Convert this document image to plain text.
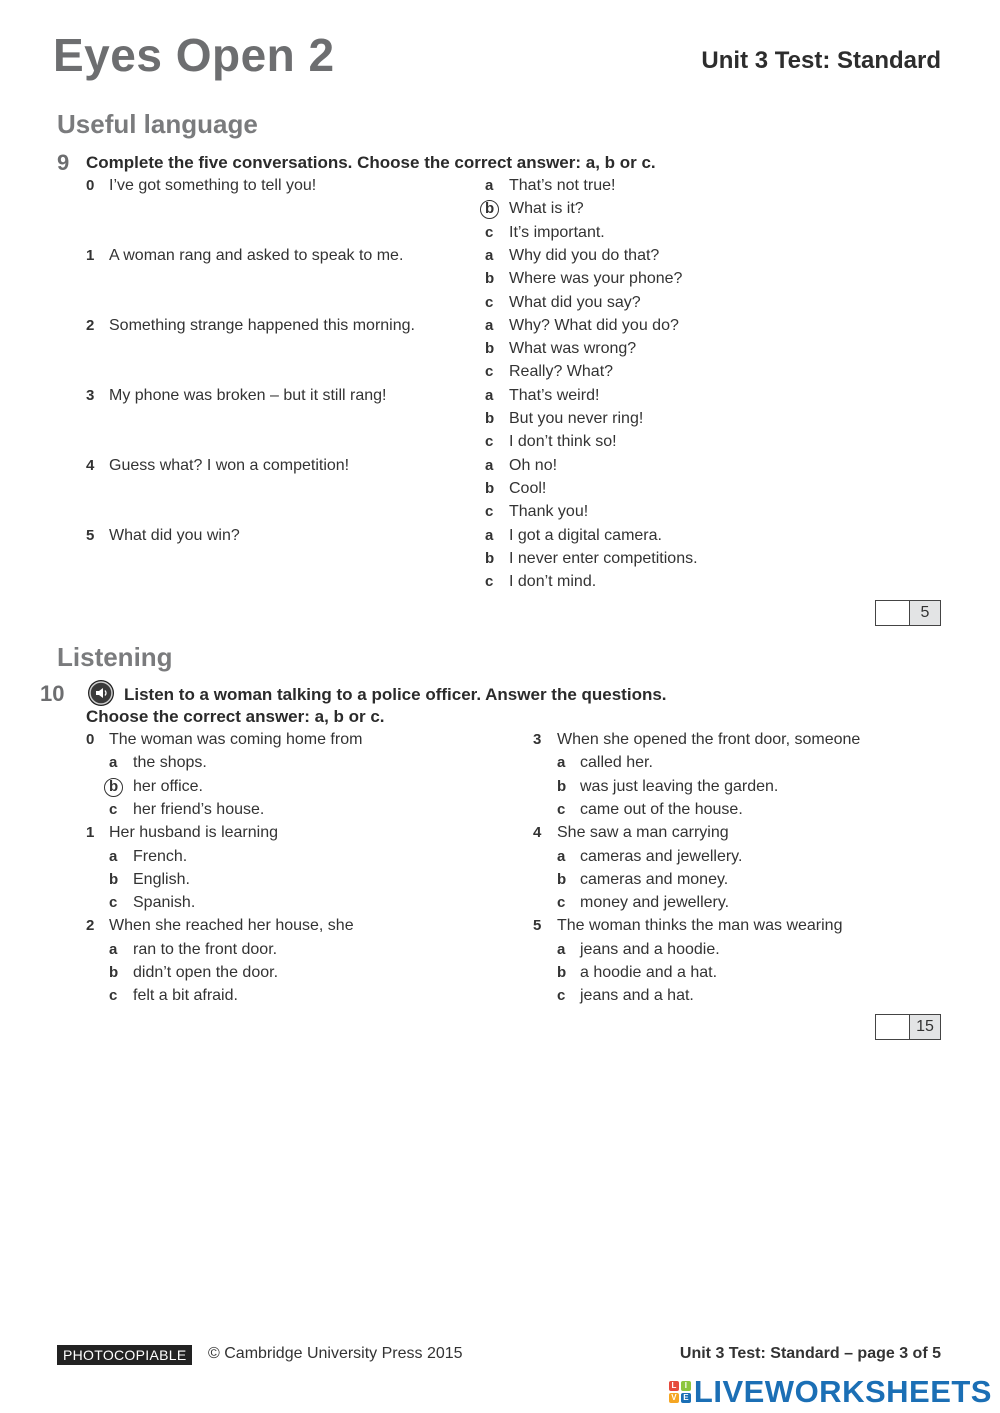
Eyes Open 2	Unit 3 Test: Standard
Useful language
9 Complete the five conversations. Choose the correct answer: a, b or c.
0 I’ve got something to tell you!	a That’s not true!
b What is it?
c It’s important.
1 A woman rang and asked to speak to me.	a Why did you do that?
b Where was your phone?
c What did you say?
2 Something strange happened this morning.	a Why? What did you do?
b What was wrong?
c Really? What?
3 My phone was broken – but it still rang!	a That’s weird!
b But you never ring!
c I don’t think so!
4 Guess what? I won a competition!	a Oh no!
b Cool!
c Thank you!
5 What did you win?	a I got a digital camera.
b I never enter competitions.
c I don’t mind.
5
Listening
10	Listen to a woman talking to a police officer. Answer the questions.
Choose the correct answer: a, b or c.
0 The woman was coming home from
a the shops.
b her office.
c her friend’s house.
1 Her husband is learning
a French.
b English.
c Spanish.
2 When she reached her house, she
a ran to the front door.
b didn’t open the door.
c felt a bit afraid.
3 When she opened the front door, someone
a called her.
b was just leaving the garden.
c came out of the house.
4 She saw a man carrying
a cameras and jewellery.
b cameras and money.
c money and jewellery.
5 The woman thinks the man was wearing
a jeans and a hoodie.
b a hoodie and a hat.
c jeans and a hat.
15
PHOTOCOPIABLE	© Cambridge University Press 2015	Unit 3 Test: Standard – page 3 of 5
L	I
V E LIVEWORKSHEETS
